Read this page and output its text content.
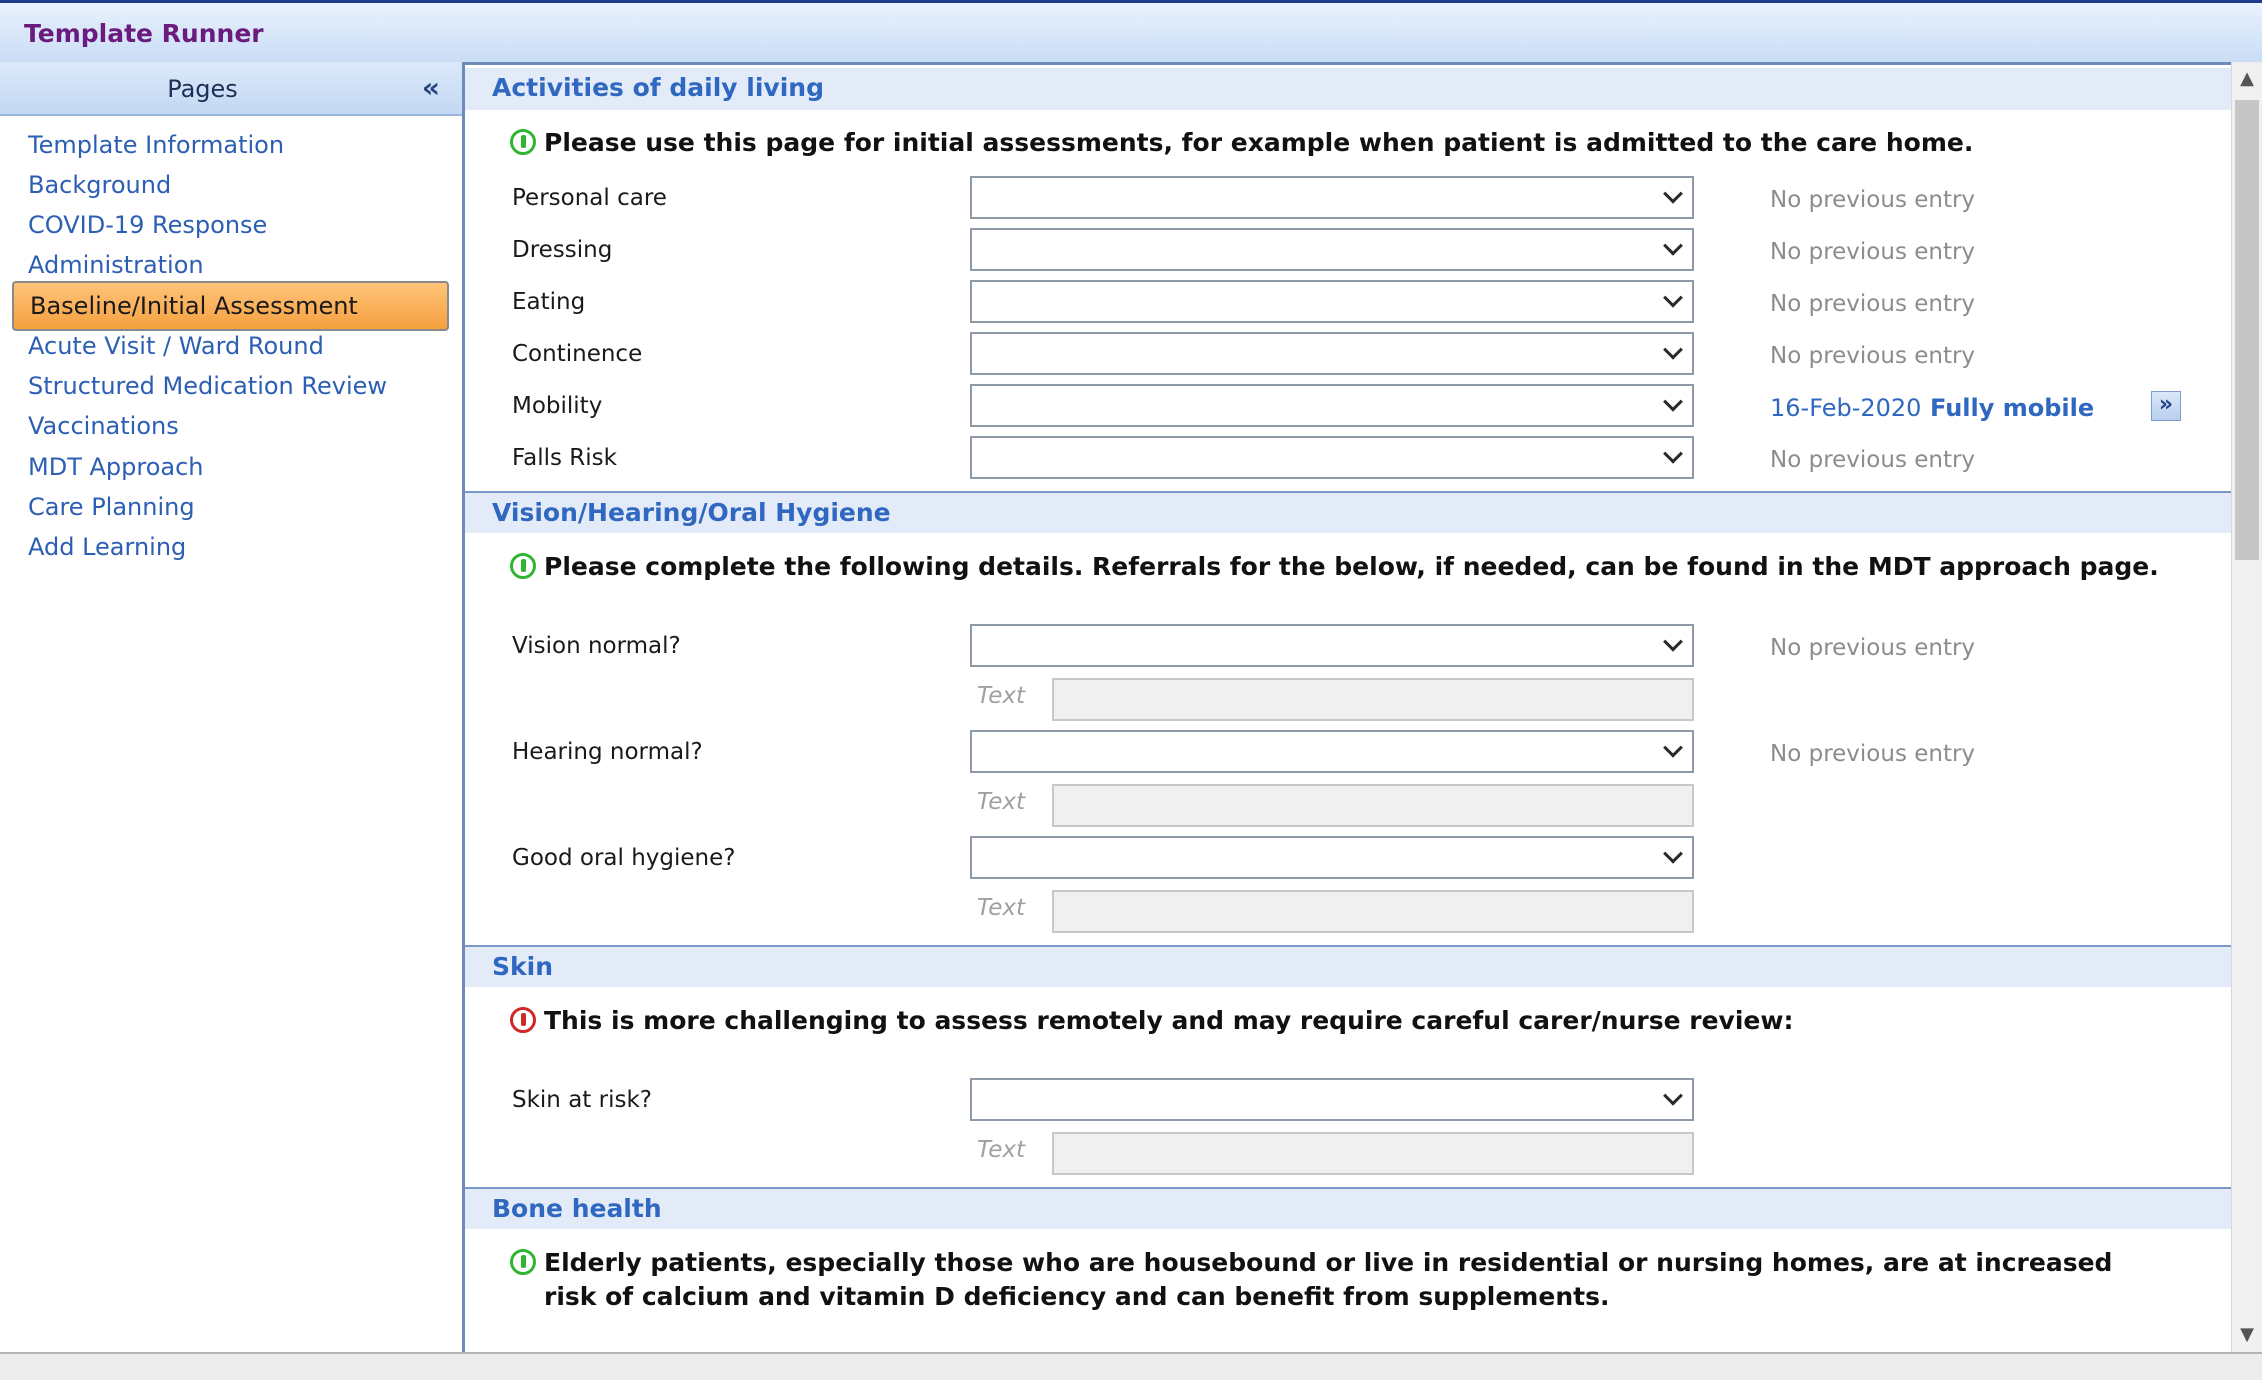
Template Runner
Pages	«
Template Information
Background
COVID-19 Response
Administration
Baseline/Initial Assessment
Acute Visit / Ward Round
Structured Medication Review
Vaccinations
MDT Approach
Care Planning
Add Learning
Activities of daily living
Please use this page for initial assessments, for example when patient is admitted to the care home.
Personal care	No previous entry
Dressing	No previous entry
Eating	No previous entry
Continence	No previous entry
Mobility	16-Feb-2020 Fully mobile	»
Falls Risk	No previous entry
Vision/Hearing/Oral Hygiene
Please complete the following details. Referrals for the below, if needed, can be found in the MDT approach page.
Vision normal?	No previous entry
Text
Hearing normal?	No previous entry
Text
Good oral hygiene?
Text
Skin
This is more challenging to assess remotely and may require careful carer/nurse review:
Skin at risk?
Text
Bone health
Elderly patients, especially those who are housebound or live in residential or nursing homes, are at increased risk of calcium and vitamin D deficiency and can benefit from supplements.
▲
▼
